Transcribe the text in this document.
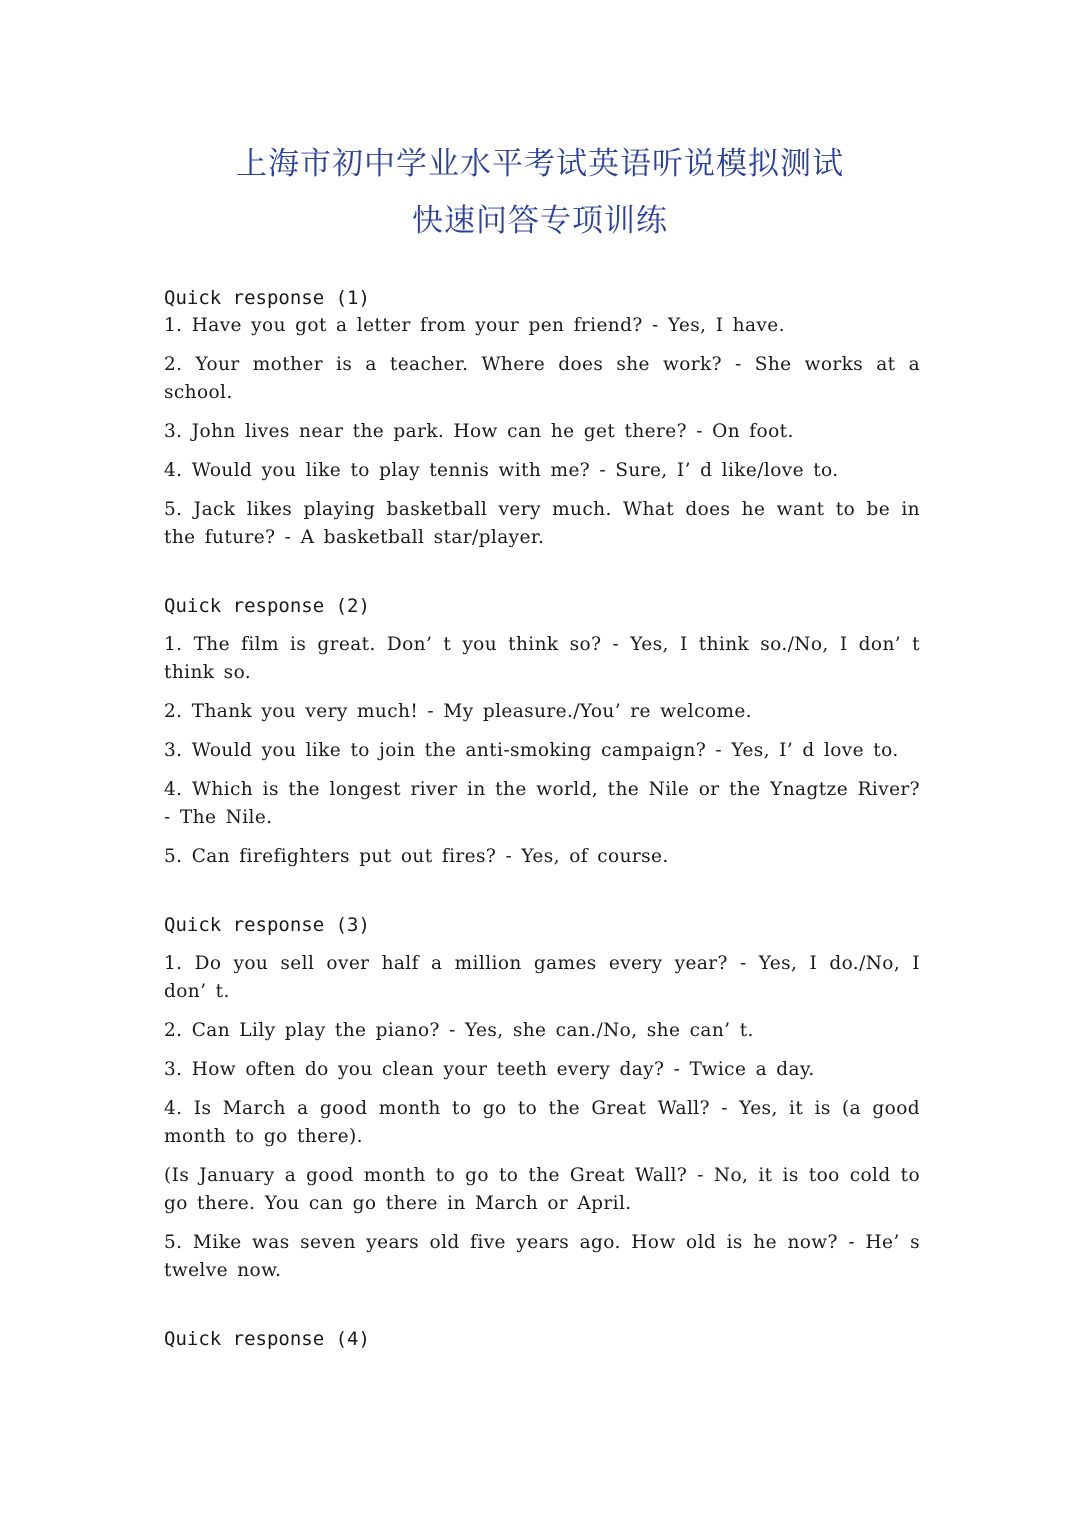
上海市初中学业水平考试英语听说模拟测试
快速问答专项训练
Quick response (1)

1. Have you got a letter from your pen friend? - Yes, I have.

2. Your mother is a teacher. Where does she work? - She works at a school.

3. John lives near the park. How can he get there? - On foot.

4. Would you like to play tennis with me? - Sure, I’ d like/love to.

5. Jack likes playing basketball very much. What does he want to be in the future? - A basketball star/player.

Quick response (2)

1. The film is great. Don’ t you think so? - Yes, I think so./No, I don’ t think so.

2. Thank you very much! - My pleasure./You’ re welcome.

3. Would you like to join the anti-smoking campaign? - Yes, I’ d love to.

4. Which is the longest river in the world, the Nile or the Ynagtze River? - The Nile.

5. Can firefighters put out fires? - Yes, of course.

Quick response (3)

1. Do you sell over half a million games every year? - Yes, I do./No, I don’ t.

2. Can Lily play the piano? - Yes, she can./No, she can’ t.

3. How often do you clean your teeth every day? - Twice a day.

4. Is March a good month to go to the Great Wall? - Yes, it is (a good month to go there).

(Is January a good month to go to the Great Wall? - No, it is too cold to go there. You can go there in March or April.

5. Mike was seven years old five years ago. How old is he now? - He’ s twelve now.

Quick response (4)
